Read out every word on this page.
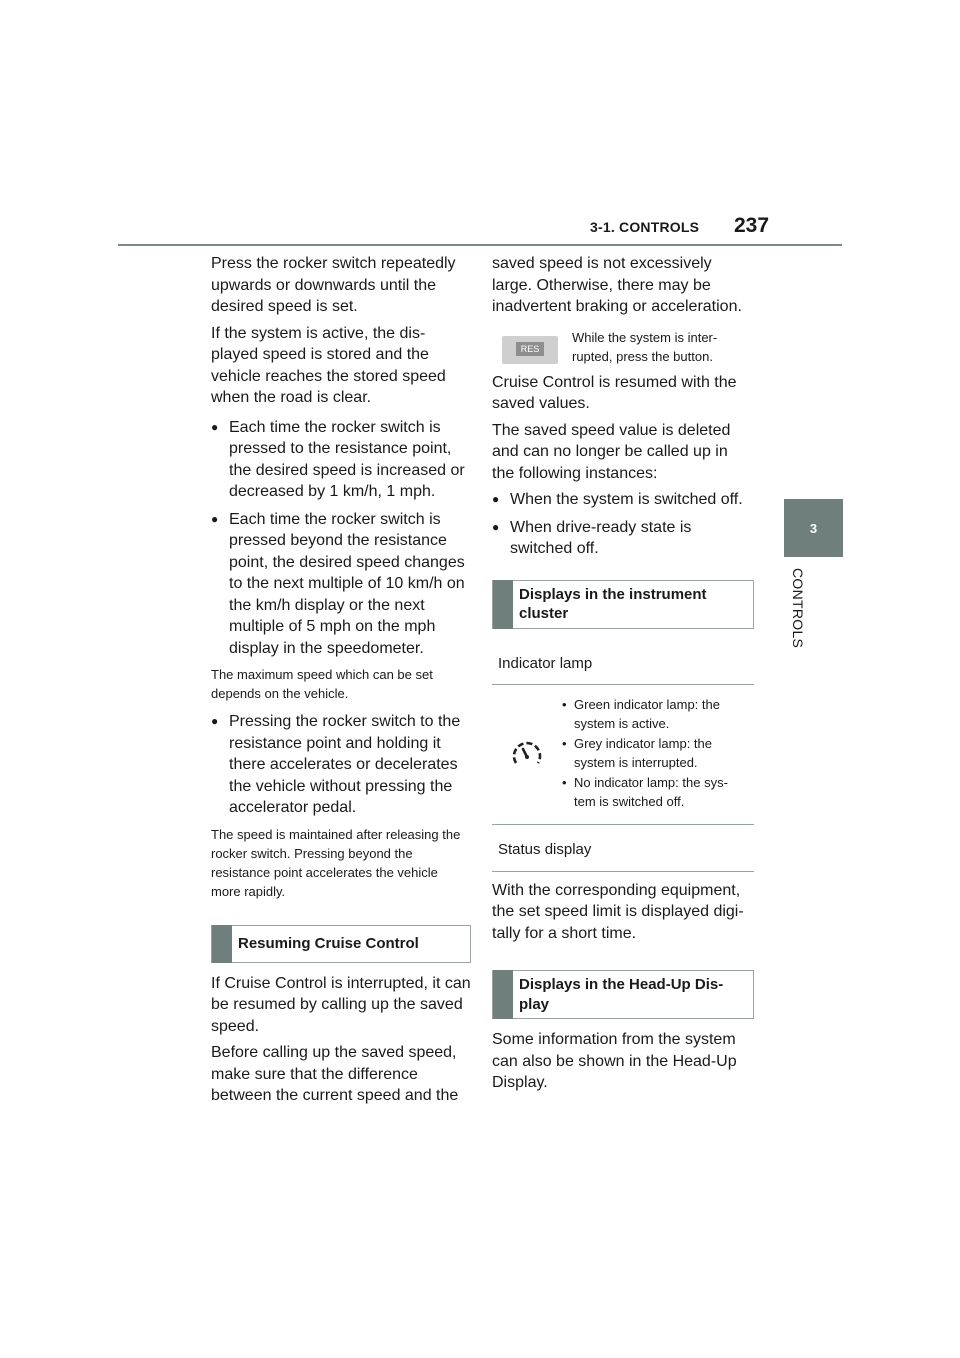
3-1. CONTROLS 237
3
CONTROLS

Press the rocker switch repeatedly upwards or downwards until the desired speed is set.

If the system is active, the dis-played speed is stored and the vehicle reaches the stored speed when the road is clear.

● Each time the rocker switch is pressed to the resistance point, the desired speed is increased or decreased by 1 km/h, 1 mph.
● Each time the rocker switch is pressed beyond the resistance point, the desired speed changes to the next multiple of 10 km/h on the km/h display or the next multiple of 5 mph on the mph display in the speedometer.

The maximum speed which can be set depends on the vehicle.

● Pressing the rocker switch to the resistance point and holding it there accelerates or decelerates the vehicle without pressing the accelerator pedal.

The speed is maintained after releasing the rocker switch. Pressing beyond the resistance point accelerates the vehicle more rapidly.

Resuming Cruise Control

If Cruise Control is interrupted, it can be resumed by calling up the saved speed.

Before calling up the saved speed, make sure that the difference between the current speed and the

saved speed is not excessively large. Otherwise, there may be inadvertent braking or acceleration.

RES
While the system is inter-rupted, press the button.

Cruise Control is resumed with the saved values.

The saved speed value is deleted and can no longer be called up in the following instances:

● When the system is switched off.
● When drive-ready state is switched off.
Displays in the instrument cluster
Indicator lamp
• Green indicator lamp: the system is active.
• Grey indicator lamp: the system is interrupted.
• No indicator lamp: the sys-tem is switched off.
Status display

With the corresponding equipment, the set speed limit is displayed digi-tally for a short time.

Displays in the Head-Up Dis-play

Some information from the system can also be shown in the Head-Up Display.
